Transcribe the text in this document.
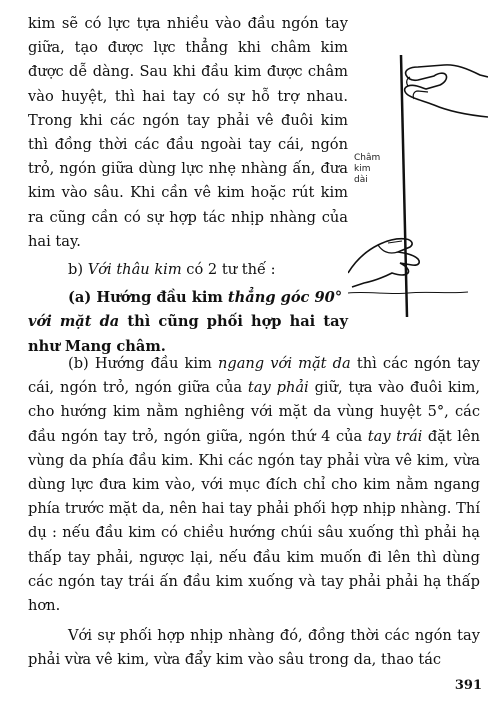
kim sẽ có lực tựa nhiều vào đầu ngón tay giữa, tạo được lực thẳng khi châm kim được dễ dàng. Sau khi đầu kim được châm vào huyệt, thì hai tay có sự hỗ trợ nhau. Trong khi các ngón tay phải vê đuôi kim thì đồng thời các đầu ngoài tay cái, ngón trỏ, ngón giữa dùng lực nhẹ nhàng ấn, đưa kim vào sâu. Khi cần vê kim hoặc rút kim ra cũng cần có sự hợp tác nhịp nhàng của hai tay.

b) Với thâu kim có 2 tư thế :

(a) Hướng đầu kim thẳng góc 90°
với mặt da thì cũng phối hợp hai tay như Mang châm.

Châm
kim
dài

(b) Hướng đầu kim ngang với mặt da thì các ngón tay cái, ngón trỏ, ngón giữa của tay phải giữ, tựa vào đuôi kim, cho hướng kim nằm nghiêng với mặt da vùng huyệt 5°, các đầu ngón tay trỏ, ngón giữa, ngón thứ 4 của tay trái đặt lên vùng da phía đầu kim. Khi các ngón tay phải vừa vê kim, vừa dùng lực đưa kim vào, với mục đích chỉ cho kim nằm ngang phía trước mặt da, nên hai tay phải phối hợp nhịp nhàng. Thí dụ : nếu đầu kim có chiều hướng chúi sâu xuống thì phải hạ thấp tay phải, ngược lại, nếu đầu kim muốn đi lên thì dùng các ngón tay trái ấn đầu kim xuống và tay phải phải hạ thấp hơn.

Với sự phối hợp nhịp nhàng đó, đồng thời các ngón tay phải vừa vê kim, vừa đẩy kim vào sâu trong da, thao tác

391
